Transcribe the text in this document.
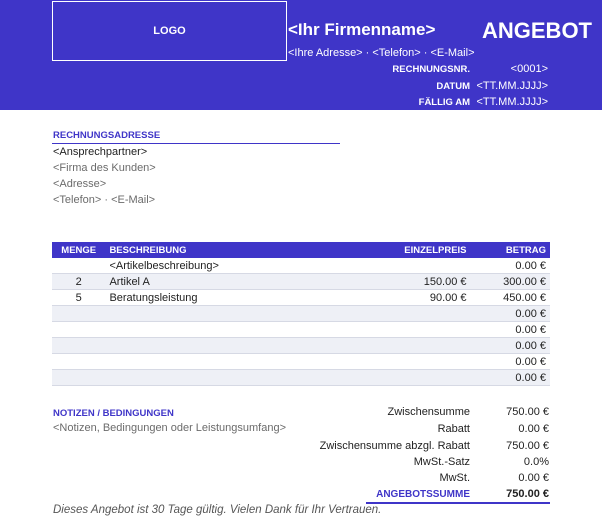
LOGO	<Ihr Firmenname> ANGEBOT
<Ihre Adresse> · <Telefon> · <E-Mail>
RECHNUNGSNR.	<0001>
DATUM <TT.MM.JJJJ>
FÄLLIG AM <TT.MM.JJJJ>
RECHNUNGSADRESSE
<Ansprechpartner>
<Firma des Kunden>
<Adresse>
<Telefon> · <E-Mail>
MENGE	BESCHREIBUNG	EINZELPREIS	BETRAG
	<Artikelbeschreibung>		0.00 €
2	Artikel A	150.00 €	300.00 €
5	Beratungsleistung	90.00 €	450.00 €
			0.00 €
			0.00 €
			0.00 €
			0.00 €
			0.00 €
NOTIZEN / BEDINGUNGEN
<Notizen, Bedingungen oder Leistungsumfang>
Zwischensumme	750.00 €
Rabatt	0.00 €
Zwischensumme abzgl. Rabatt	750.00 €
MwSt.-Satz	0.0%
MwSt.	0.00 €
ANGEBOTSSUMME	750.00 €
Dieses Angebot ist 30 Tage gültig. Vielen Dank für Ihr Vertrauen.
